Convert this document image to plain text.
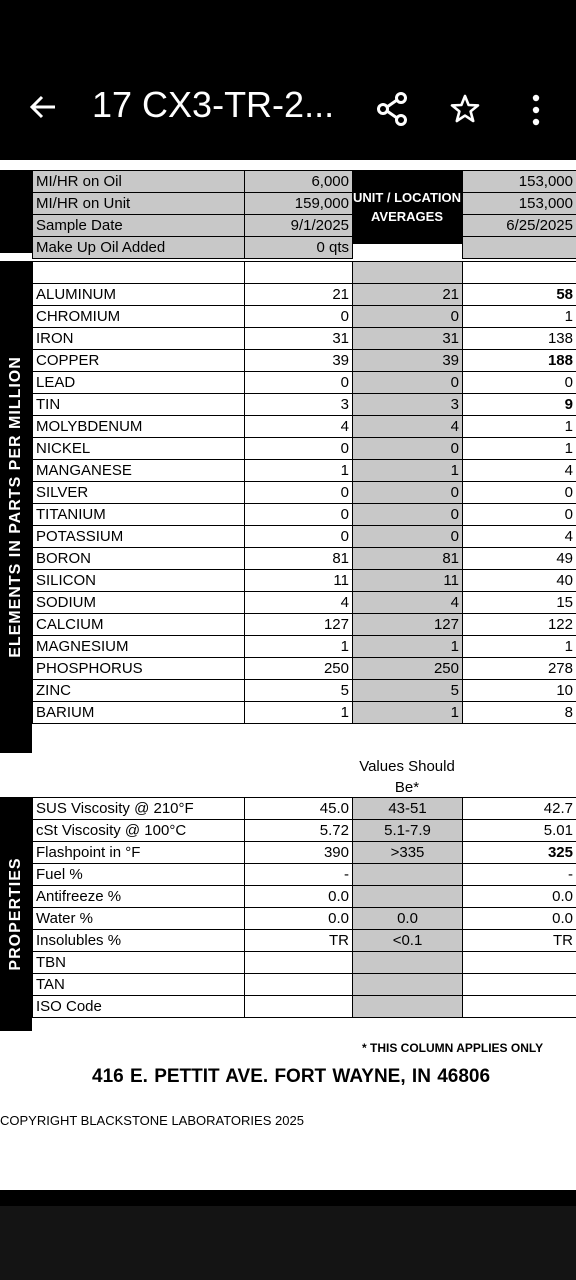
17 CX3-TR-2...
MI/HR on Oil	6,000		153,000
MI/HR on Unit	159,000		153,000
Sample Date	9/1/2025		6/25/2025
Make Up Oil Added	0 qts		
UNIT / LOCATION AVERAGES
ELEMENTS IN PARTS PER MILLION

ALUMINUM	21	21	58
CHROMIUM	0	0	1
IRON	31	31	138
COPPER	39	39	188
LEAD	0	0	0
TIN	3	3	9
MOLYBDENUM	4	4	1
NICKEL	0	0	1
MANGANESE	1	1	4
SILVER	0	0	0
TITANIUM	0	0	0
POTASSIUM	0	0	4
BORON	81	81	49
SILICON	11	11	40
SODIUM	4	4	15
CALCIUM	127	127	122
MAGNESIUM	1	1	1
PHOSPHORUS	250	250	278
ZINC	5	5	10
BARIUM	1	1	8
Values Should Be*
PROPERTIES
SUS Viscosity @ 210°F	45.0	43-51	42.7
cSt Viscosity @ 100°C	5.72	5.1-7.9	5.01
Flashpoint in °F	390	>335	325
Fuel %	-		-
Antifreeze %	0.0		0.0
Water %	0.0	0.0	0.0
Insolubles %	TR	<0.1	TR
TBN			
TAN			
ISO Code			
* THIS COLUMN APPLIES ONLY
416 E. PETTIT AVE. FORT WAYNE, IN 46806
COPYRIGHT BLACKSTONE LABORATORIES 2025
